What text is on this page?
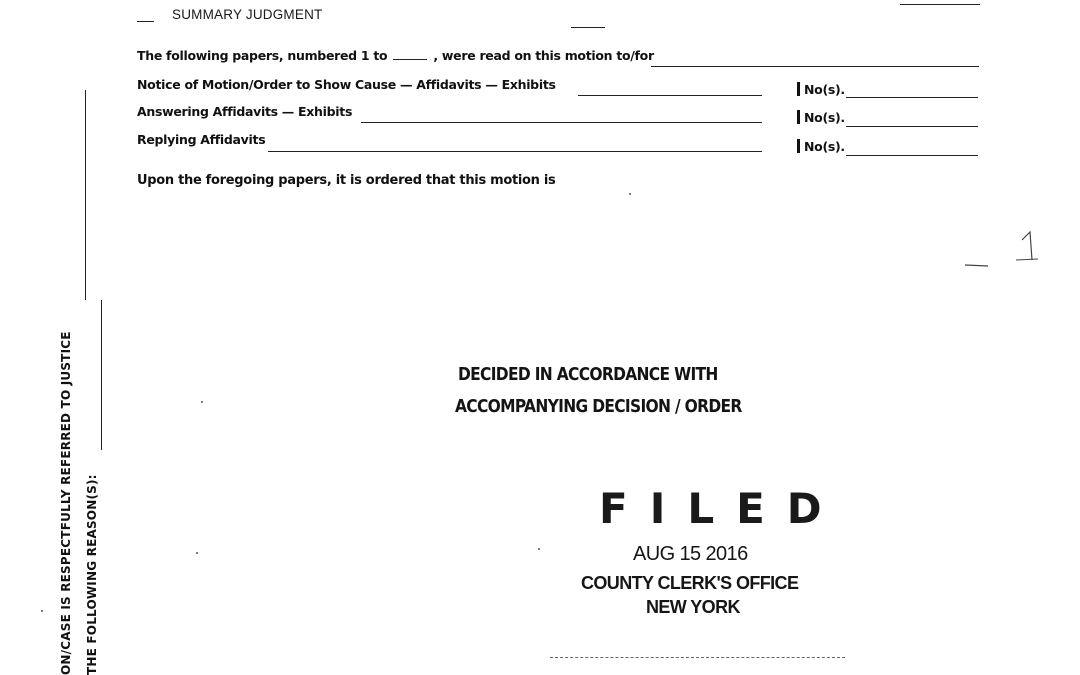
SUMMARY JUDGMENT
The following papers, numbered 1 to	, were read on this motion to/for
Notice of Motion/Order to Show Cause — Affidavits — Exhibits	No(s).
Answering Affidavits — Exhibits	No(s).
Replying Affidavits	No(s).
Upon the foregoing papers, it is ordered that this motion is
ON/CASE IS RESPECTFULLY REFERRED TO JUSTICE THE FOLLOWING REASON(S):
DECIDED IN ACCORDANCE WITH
ACCOMPANYING DECISION / ORDER
FILED
AUG 15 2016
COUNTY CLERK'S OFFICE
NEW YORK
